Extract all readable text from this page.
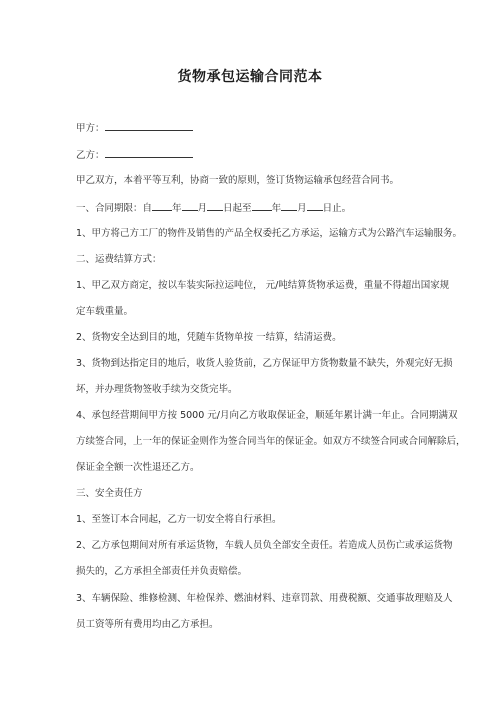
货物承包运输合同范本
甲方：
乙方：
甲乙双方，本着平等互利，协商一致的原则，签订货物运输承包经营合同书。
一、合同期限：自 年 月 日起至 年 月 日止。
1、甲方将己方工厂的物件及销售的产品全权委托乙方承运，运输方式为公路汽车运输服务。
二、运费结算方式：
1、甲乙双方商定，按以车装实际拉运吨位， 元/吨结算货物承运费，重量不得超出国家规
定车载重量。
2、货物安全达到目的地，凭随车货物单按 一结算，结清运费。
3、货物到达指定目的地后，收货人验货前，乙方保证甲方货物数量不缺失，外观完好无损
坏，并办理货物签收手续为交货完毕。
4、承包经营期间甲方按 5000 元/月向乙方收取保证金，顺延年累计满一年止。合同期满双
方续签合同，上一年的保证金则作为签合同当年的保证金。如双方不续签合同或合同解除后，
保证金全额一次性退还乙方。
三、安全责任方
1、至签订本合同起，乙方一切安全将自行承担。
2、乙方承包期间对所有承运货物，车载人员负全部安全责任。若造成人员伤亡或承运货物
损失的，乙方承担全部责任并负责赔偿。
3、车辆保险、维修检测、年检保养、燃油材料、违章罚款、用费税额、交通事故理赔及人
员工资等所有费用均由乙方承担。
